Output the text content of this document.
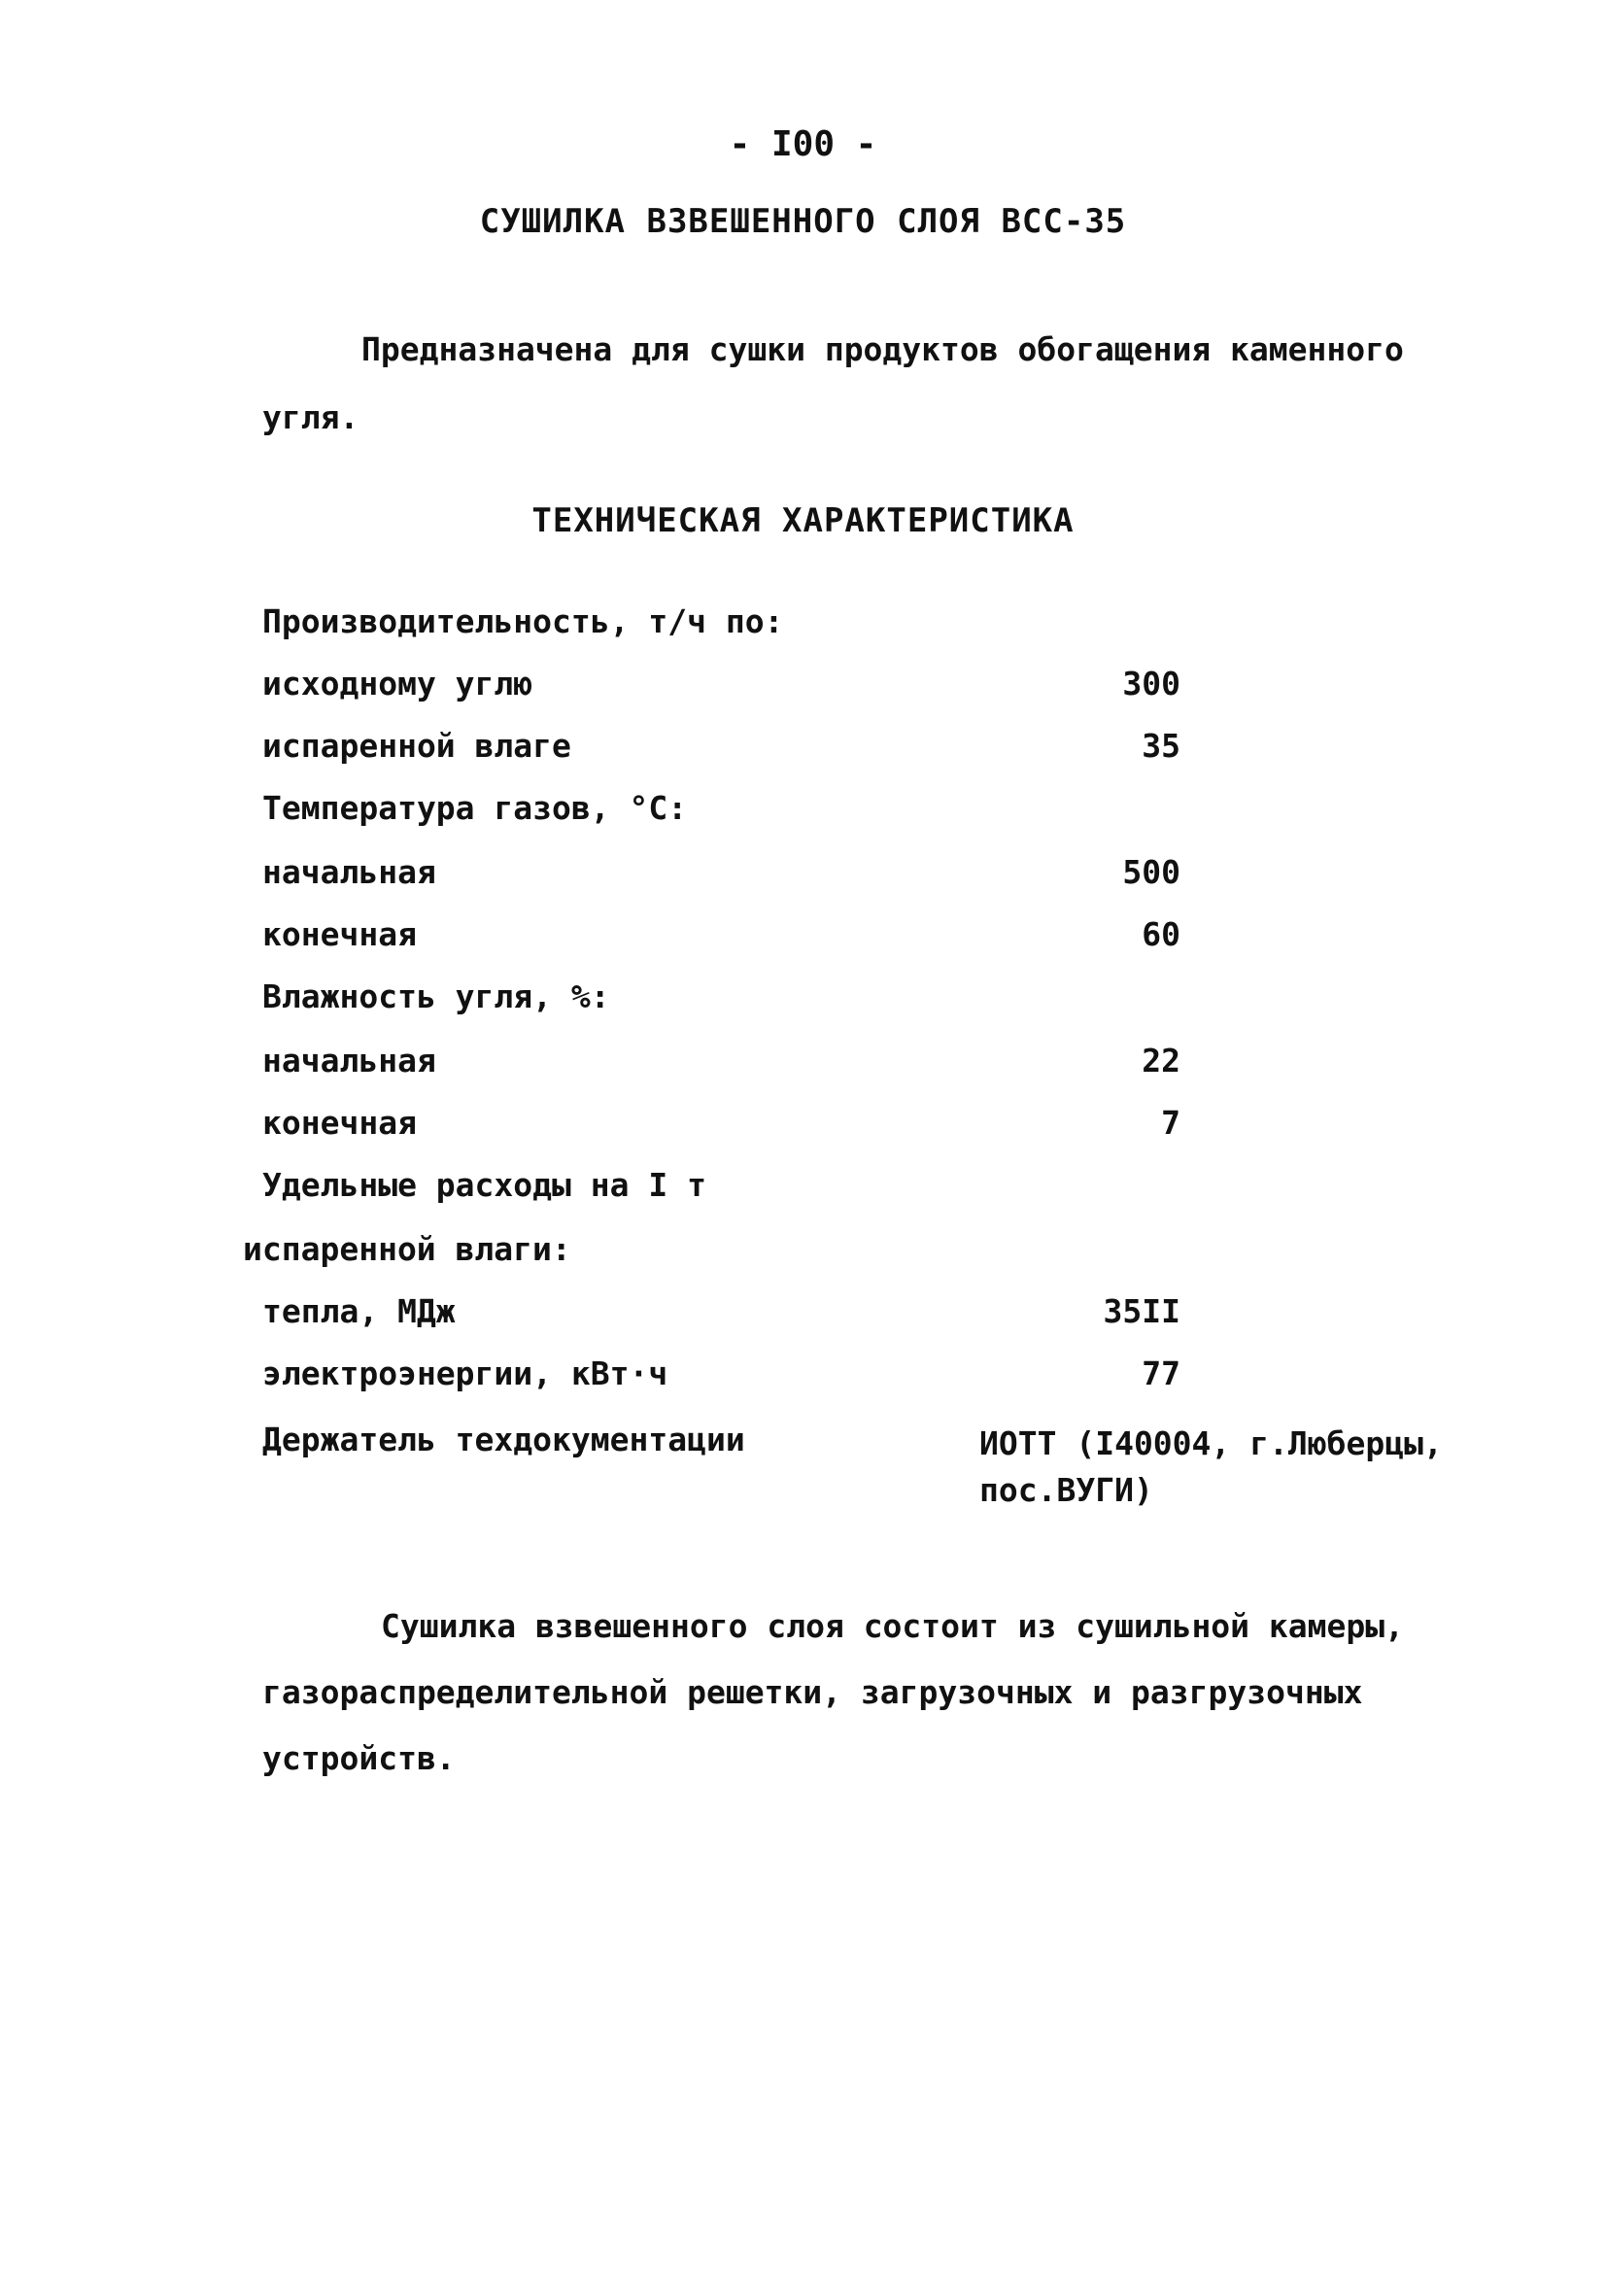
- I00 -
СУШИЛКА ВЗВЕШЕННОГО СЛОЯ ВСС-35
Предназначена для сушки продуктов обогащения каменного
угля.
ТЕХНИЧЕСКАЯ ХАРАКТЕРИСТИКА
Производительность, т/ч по:
исходному углю	300
испаренной влаге	35
Температура газов, °С:
начальная	500
конечная	60
Влажность угля, %:
начальная	22
конечная	7
Удельные расходы на I т
испаренной влаги:
тепла, МДж	35II
электроэнергии, кВт·ч	77
Держатель техдокументации	ИОТТ (I40004, г.Люберцы, пос.ВУГИ)
Сушилка взвешенного слоя состоит из сушильной камеры, газораспределительной решетки, загрузочных и разгрузочных устройств.
